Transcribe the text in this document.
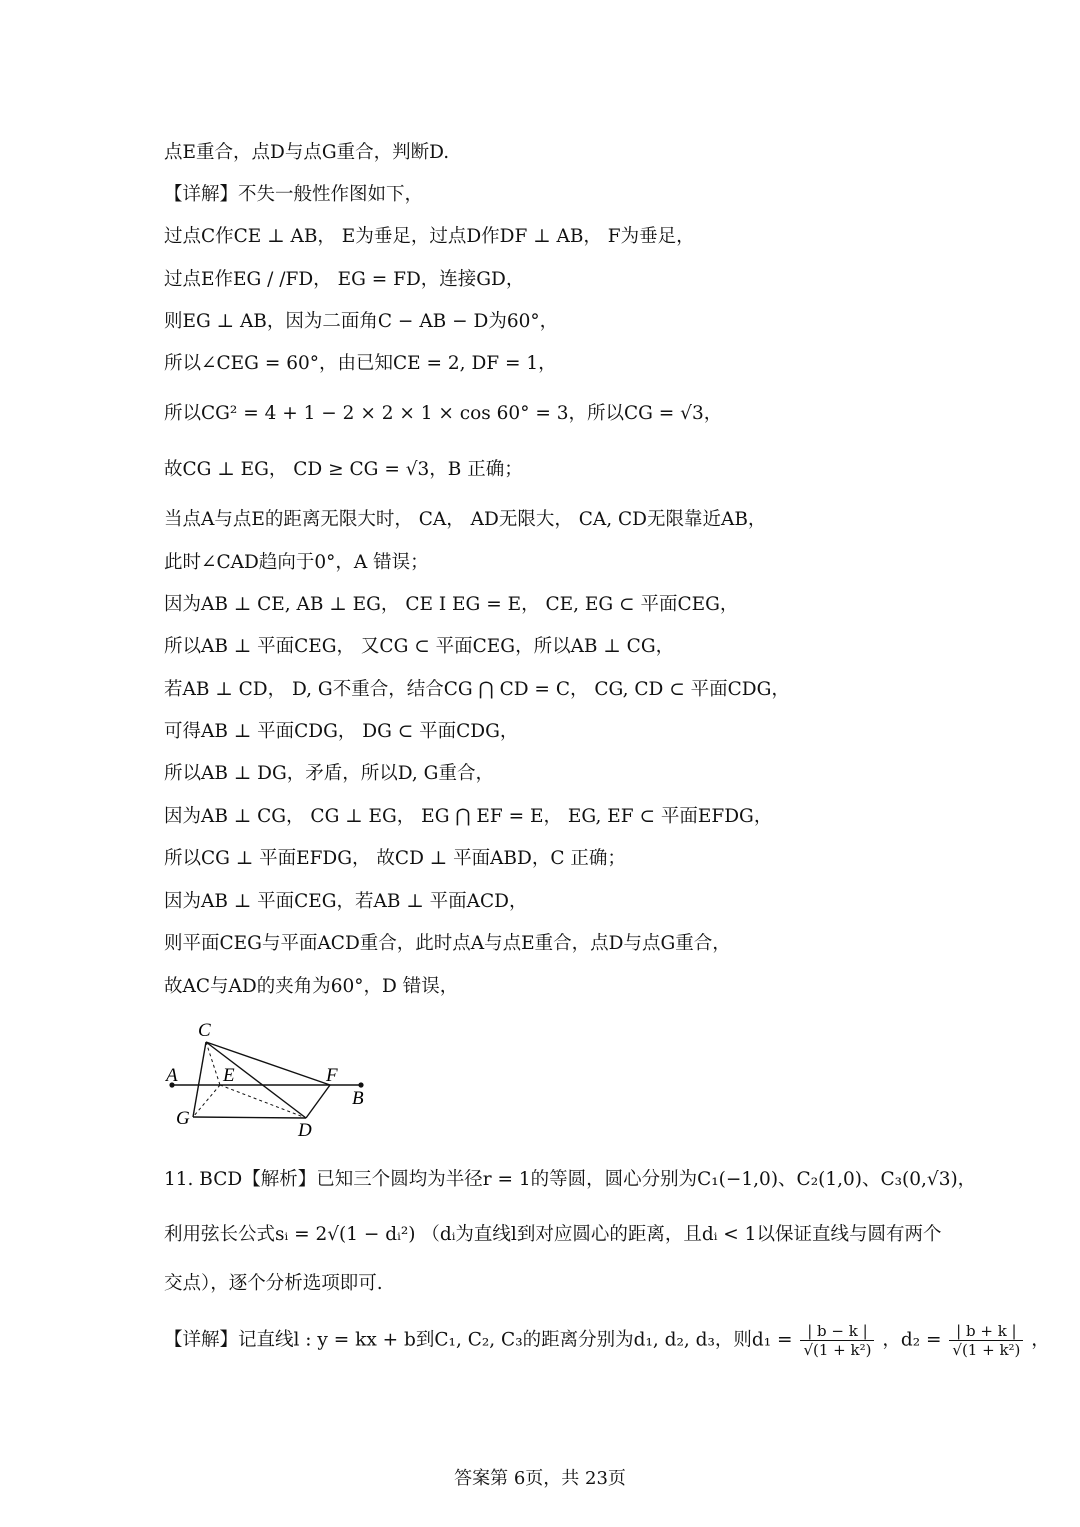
点E重合，点D与点G重合，判断D.
【详解】不失一般性作图如下，
过点C作CE ⊥ AB， E为垂足，过点D作DF ⊥ AB， F为垂足，
过点E作EG / /FD， EG = FD，连接GD，
则EG ⊥ AB，因为二面角C − AB − D为60°，
所以∠CEG = 60°，由已知CE = 2, DF = 1，
所以CG² = 4 + 1 − 2 × 2 × 1 × cos 60° = 3，所以CG = √3，
故CG ⊥ EG， CD ≥ CG = √3，B 正确；
当点A与点E的距离无限大时， CA， AD无限大， CA, CD无限靠近AB，
此时∠CAD趋向于0°，A 错误；
因为AB ⊥ CE, AB ⊥ EG， CE I EG = E， CE, EG ⊂ 平面CEG，
所以AB ⊥ 平面CEG， 又CG ⊂ 平面CEG，所以AB ⊥ CG，
若AB ⊥ CD， D, G不重合，结合CG ⋂ CD = C， CG, CD ⊂ 平面CDG，
可得AB ⊥ 平面CDG， DG ⊂ 平面CDG，
所以AB ⊥ DG，矛盾，所以D, G重合，
因为AB ⊥ CG， CG ⊥ EG， EG ⋂ EF = E， EG, EF ⊂ 平面EFDG，
所以CG ⊥ 平面EFDG， 故CD ⊥ 平面ABD，C 正确；
因为AB ⊥ 平面CEG，若AB ⊥ 平面ACD，
则平面CEG与平面ACD重合，此时点A与点E重合，点D与点G重合，
故AC与AD的夹角为60°，D 错误，
C
A E	F
B
G
D
11. BCD【解析】已知三个圆均为半径r = 1的等圆，圆心分别为C₁(−1,0)、C₂(1,0)、C₃(0,√3)，
利用弦长公式sᵢ = 2√(1 − dᵢ²) （dᵢ为直线l到对应圆心的距离，且dᵢ < 1以保证直线与圆有两个
交点），逐个分析选项即可.
【详解】记直线l : y = kx + b到C₁, C₂, C₃的距离分别为d₁, d₂, d₃，则$d_1 = \frac{| b - k |}{\text{√(1 + k²)}}$ ，$d_2 = \frac{| b + k |}{\text{√(1 + k²)}}$ ，
答案第 6页，共 23页
